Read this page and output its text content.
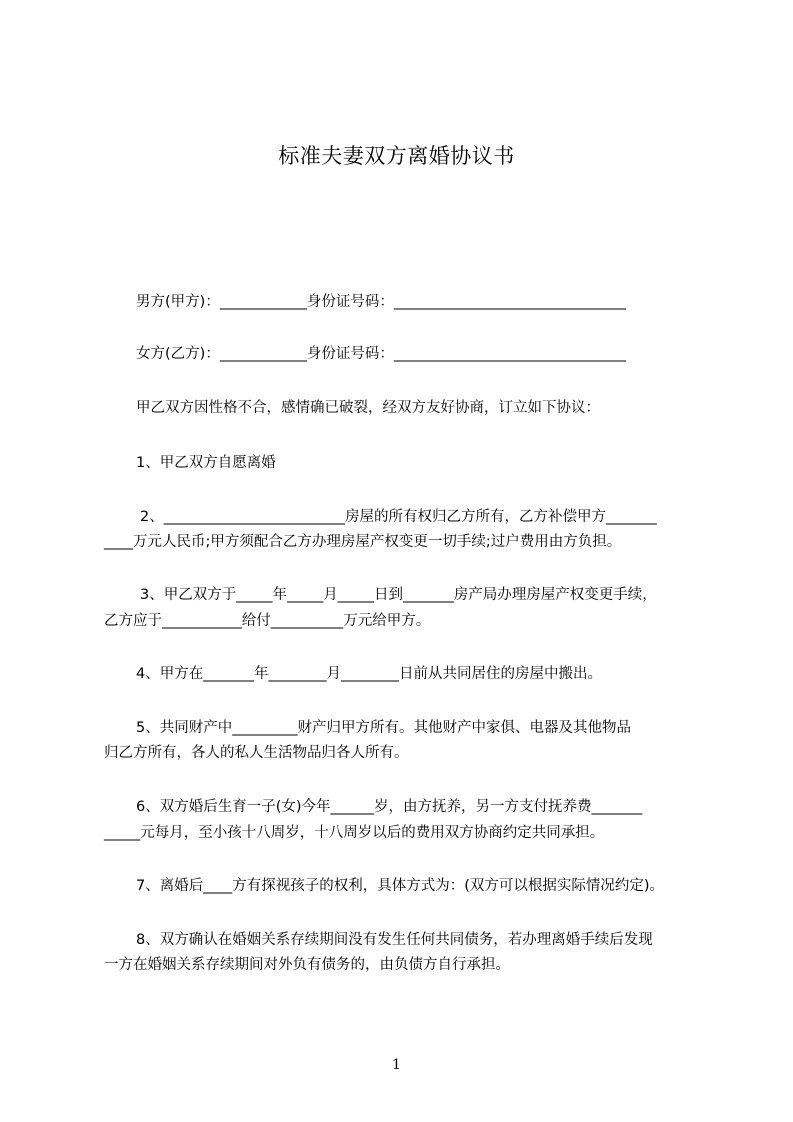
标准夫妻双方离婚协议书
男方(甲方)：____________身份证号码：________________________________
女方(乙方)：____________身份证号码：________________________________
甲乙双方因性格不合，感情确已破裂，经双方友好协商，订立如下协议：
1、甲乙双方自愿离婚
2、_________________________房屋的所有权归乙方所有，乙方补偿甲方_______
____万元人民币;甲方须配合乙方办理房屋产权变更一切手续;过户费用由方负担。
3、甲乙双方于_____年_____月_____日到_______房产局办理房屋产权变更手续，
乙方应于___________给付__________万元给甲方。
4、甲方在_______年________月________日前从共同居住的房屋中搬出。
5、共同财产中_________财产归甲方所有。其他财产中家俱、电器及其他物品
归乙方所有，各人的私人生活物品归各人所有。
6、双方婚后生育一子(女)今年______岁，由方抚养，另一方支付抚养费_______
_____元每月，至小孩十八周岁，十八周岁以后的费用双方协商约定共同承担。
7、离婚后____方有探视孩子的权利，具体方式为：(双方可以根据实际情况约定)。
8、双方确认在婚姻关系存续期间没有发生任何共同债务，若办理离婚手续后发现
一方在婚姻关系存续期间对外负有债务的，由负债方自行承担。
1
